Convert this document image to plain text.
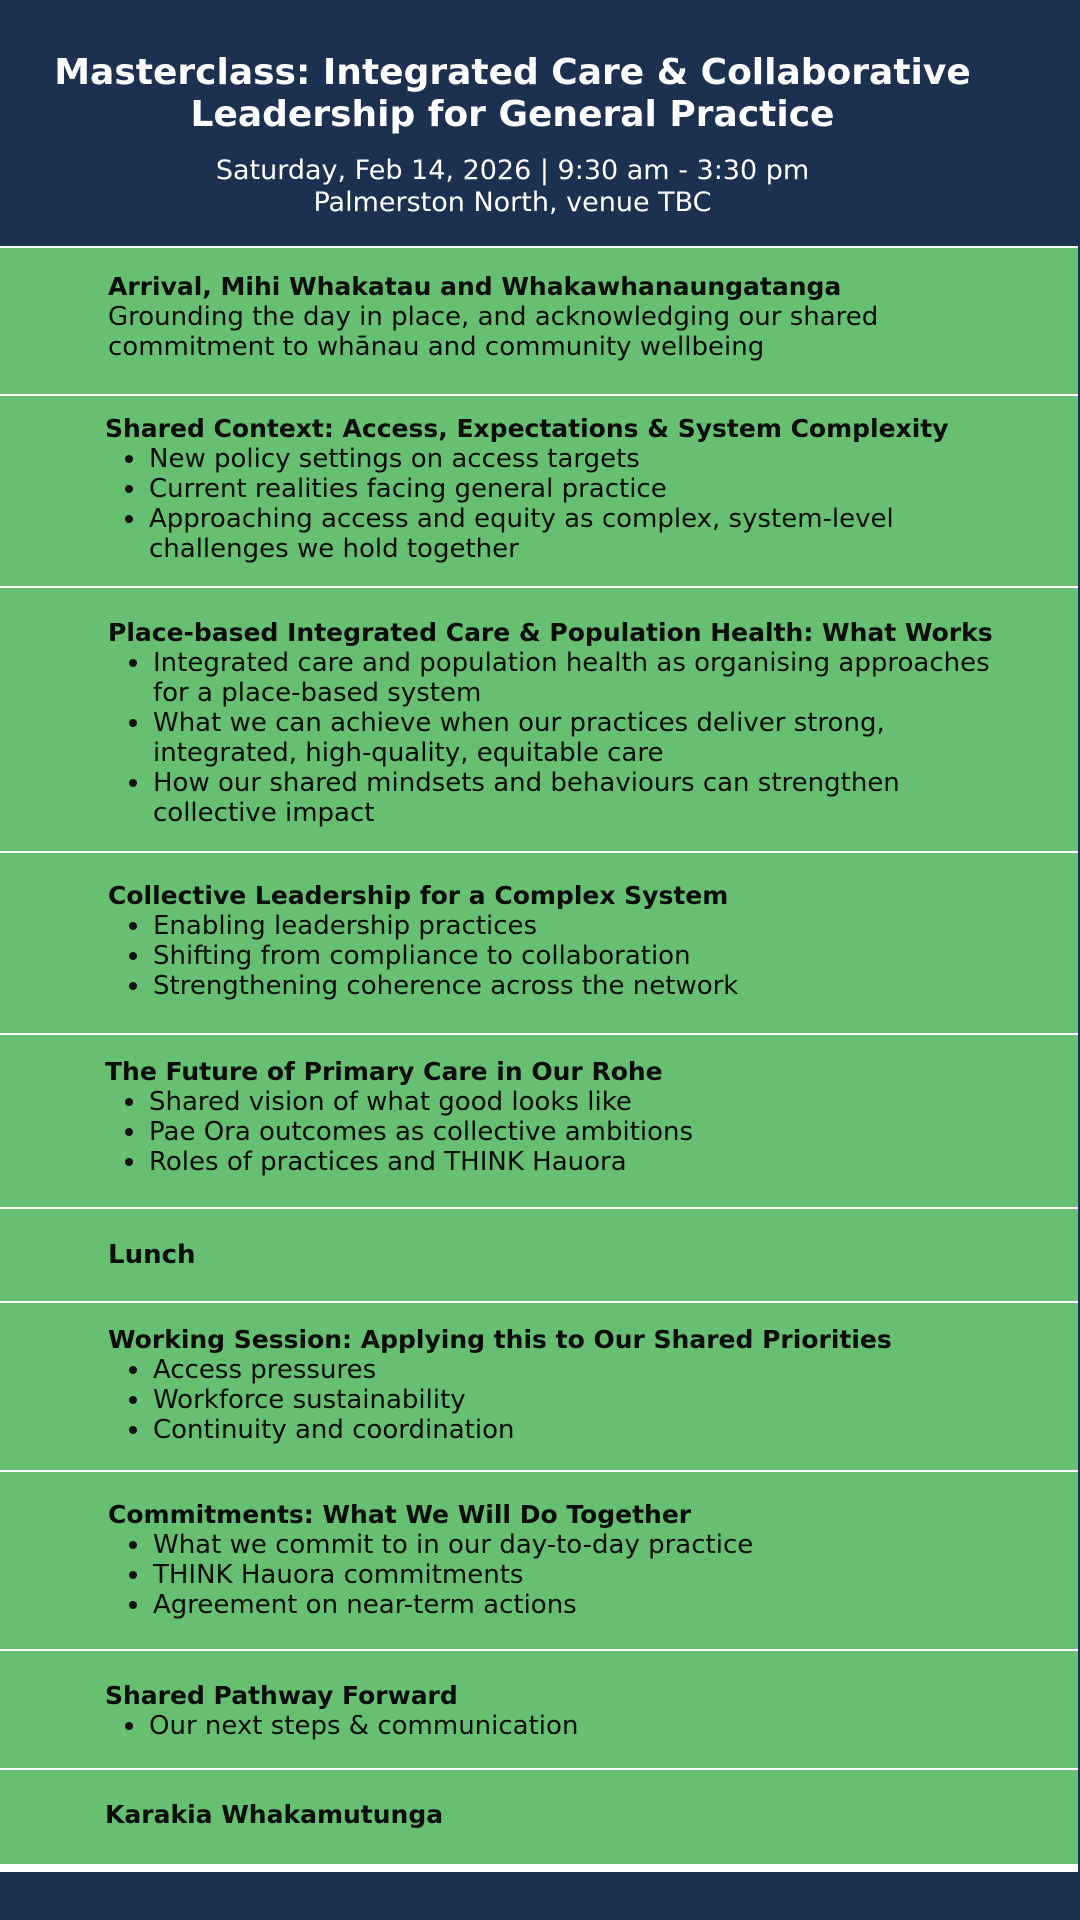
Masterclass: Integrated Care & Collaborative
Leadership for General Practice

Saturday, Feb 14, 2026 | 9:30 am - 3:30 pm

Palmerston North, venue TBC

Arrival, Mihi Whakatau and Whakawhanaungatanga

Grounding the day in place, and acknowledging our shared commitment to whānau and community wellbeing

Shared Context: Access, Expectations & System Complexity

New policy settings on access targets
Current realities facing general practice
Approaching access and equity as complex, system-level challenges we hold together

Place-based Integrated Care & Population Health: What Works

Integrated care and population health as organising approaches for a place-based system
What we can achieve when our practices deliver strong, integrated, high-quality, equitable care
How our shared mindsets and behaviours can strengthen collective impact

Collective Leadership for a Complex System

Enabling leadership practices
Shifting from compliance to collaboration
Strengthening coherence across the network

The Future of Primary Care in Our Rohe

Shared vision of what good looks like
Pae Ora outcomes as collective ambitions
Roles of practices and THINK Hauora

Lunch

Working Session: Applying this to Our Shared Priorities

Access pressures
Workforce sustainability
Continuity and coordination

Commitments: What We Will Do Together

What we commit to in our day-to-day practice
THINK Hauora commitments
Agreement on near-term actions

Shared Pathway Forward

Our next steps & communication

Karakia Whakamutunga
